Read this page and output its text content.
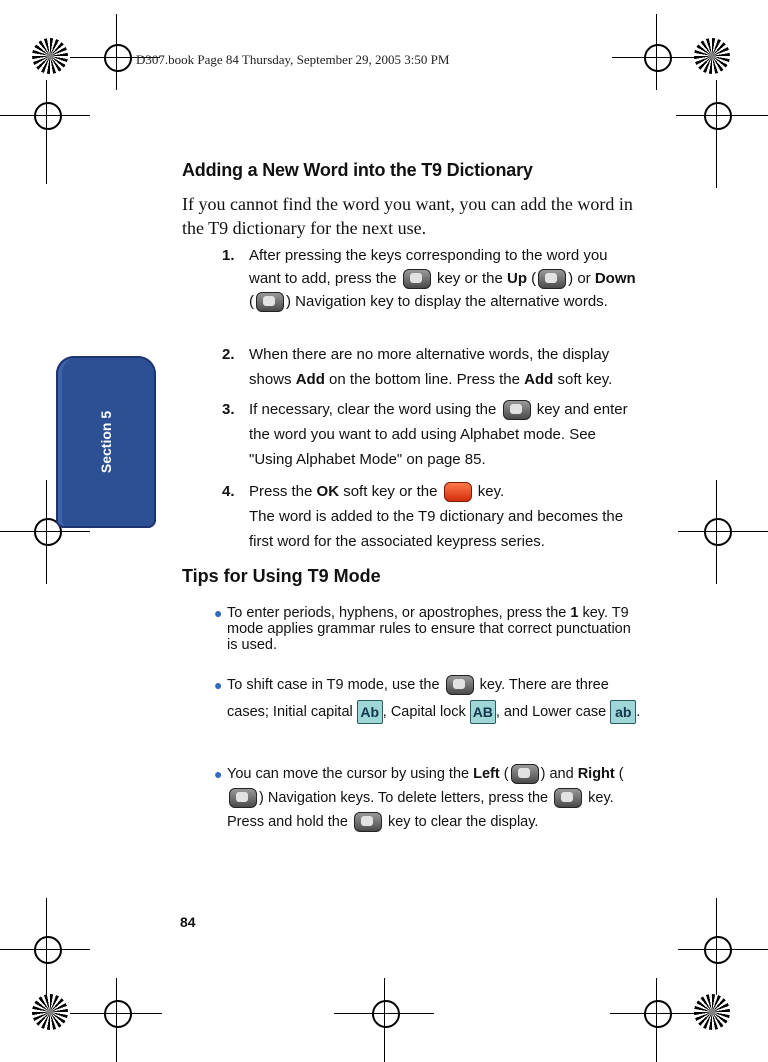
D307.book Page 84 Thursday, September 29, 2005 3:50 PM
Section 5
Adding a New Word into the T9 Dictionary
If you cannot find the word you want, you can add the word in the T9 dictionary for the next use.
1. After pressing the keys corresponding to the word you want to add, press the	key or the Up ( ) or Down ( ) Navigation key to display the alternative words.
2. When there are no more alternative words, the display shows Add on the bottom line. Press the Add soft key.
3. If necessary, clear the word using the	key and enter the word you want to add using Alphabet mode. See "Using Alphabet Mode" on page 85.
4. Press the OK soft key or the	key.
The word is added to the T9 dictionary and becomes the first word for the associated keypress series.
Tips for Using T9 Mode
● To enter periods, hyphens, or apostrophes, press the 1 key. T9 mode applies grammar rules to ensure that correct punctuation is used.
● To shift case in T9 mode, use the	key. There are three cases; Initial capital Ab , Capital lock AB , and Lower case ab .
● You can move the cursor by using the Left ( ) and Right () Navigation keys. To delete letters, press the	key. Press and hold the	key to clear the display.
84
